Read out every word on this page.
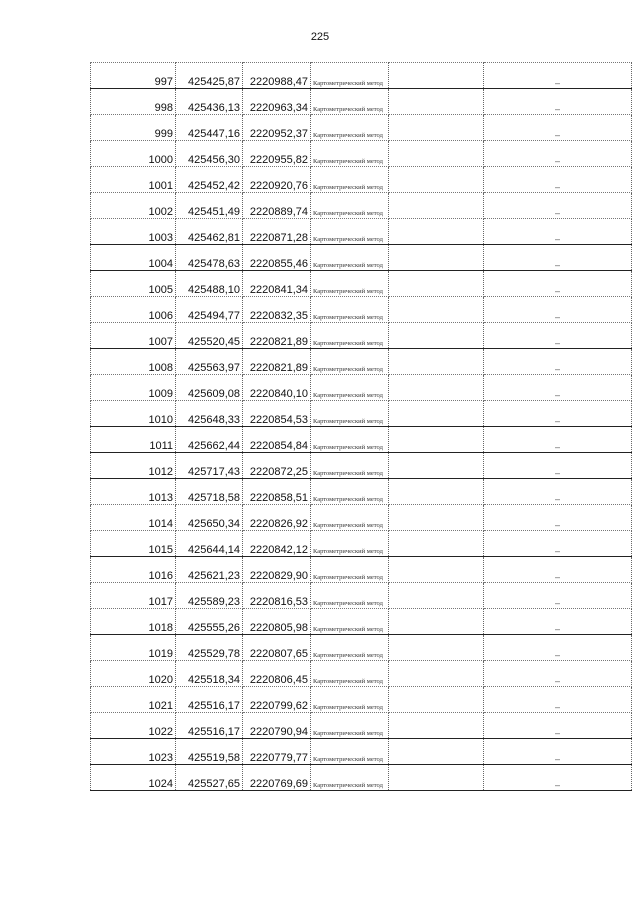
225
997	425425,87	2220988,47	Картометрический метод		–
998	425436,13	2220963,34	Картометрический метод		–
999	425447,16	2220952,37	Картометрический метод		–
1000	425456,30	2220955,82	Картометрический метод		–
1001	425452,42	2220920,76	Картометрический метод		–
1002	425451,49	2220889,74	Картометрический метод		–
1003	425462,81	2220871,28	Картометрический метод		–
1004	425478,63	2220855,46	Картометрический метод		–
1005	425488,10	2220841,34	Картометрический метод		–
1006	425494,77	2220832,35	Картометрический метод		–
1007	425520,45	2220821,89	Картометрический метод		–
1008	425563,97	2220821,89	Картометрический метод		–
1009	425609,08	2220840,10	Картометрический метод		–
1010	425648,33	2220854,53	Картометрический метод		–
1011	425662,44	2220854,84	Картометрический метод		–
1012	425717,43	2220872,25	Картометрический метод		–
1013	425718,58	2220858,51	Картометрический метод		–
1014	425650,34	2220826,92	Картометрический метод		–
1015	425644,14	2220842,12	Картометрический метод		–
1016	425621,23	2220829,90	Картометрический метод		–
1017	425589,23	2220816,53	Картометрический метод		–
1018	425555,26	2220805,98	Картометрический метод		–
1019	425529,78	2220807,65	Картометрический метод		–
1020	425518,34	2220806,45	Картометрический метод		–
1021	425516,17	2220799,62	Картометрический метод		–
1022	425516,17	2220790,94	Картометрический метод		–
1023	425519,58	2220779,77	Картометрический метод		–
1024	425527,65	2220769,69	Картометрический метод		–
